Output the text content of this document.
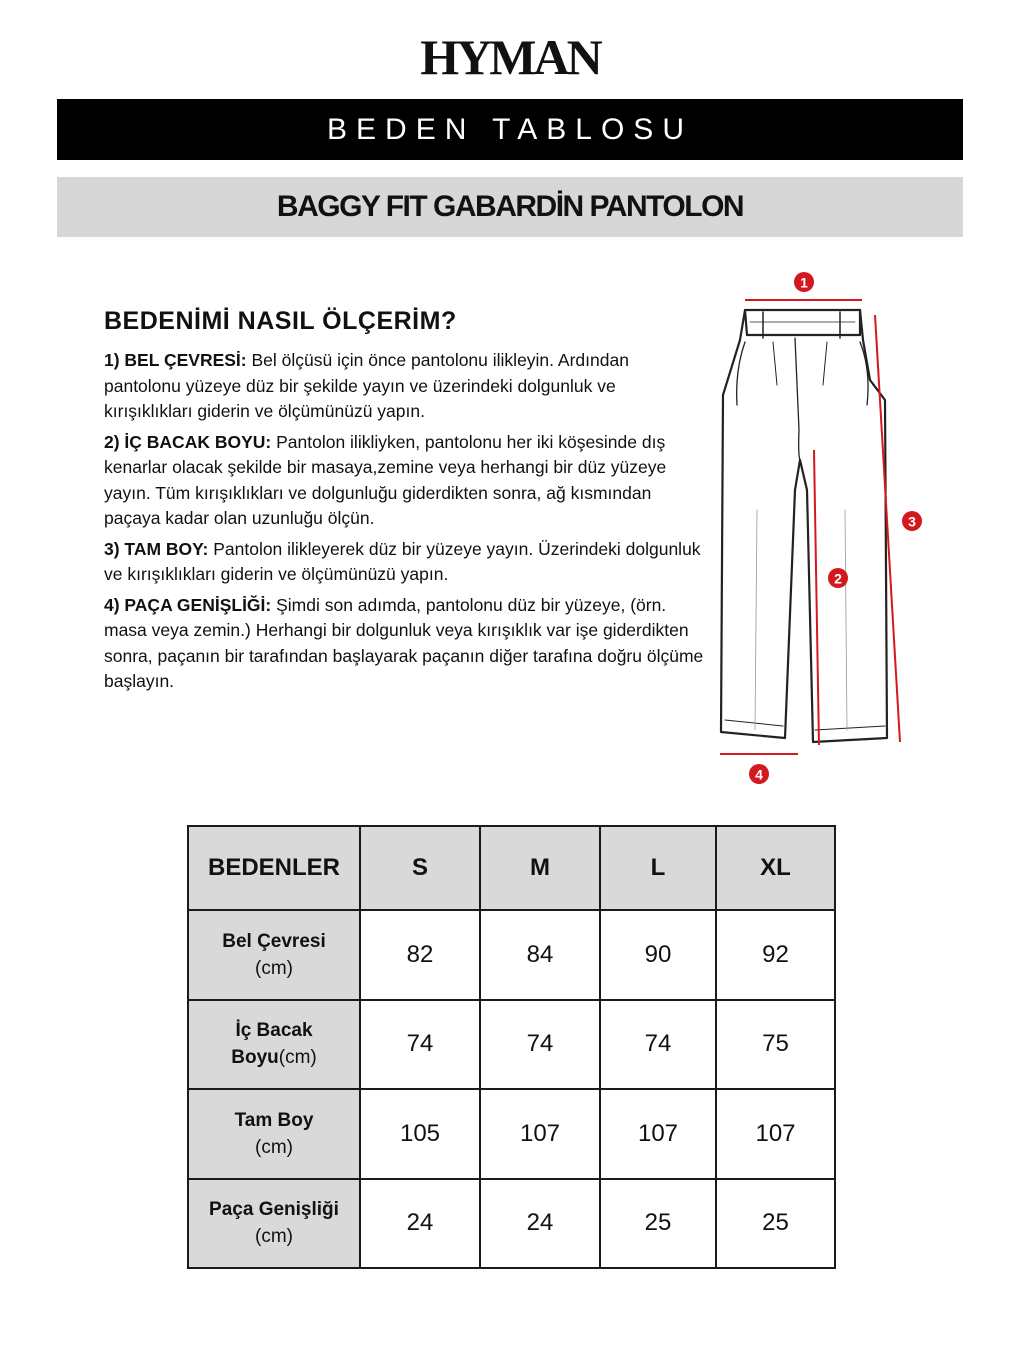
HYMAN
BEDEN TABLOSU
BAGGY FIT GABARDİN PANTOLON
BEDENİMİ NASIL ÖLÇERİM?

1) BEL ÇEVRESİ: Bel ölçüsü için önce pantolonu ilikleyin. Ardından pantolonu yüzeye düz bir şekilde yayın ve üzerindeki dolgunluk ve kırışıklıkları giderin ve ölçümünüzü yapın.

2) İÇ BACAK BOYU: Pantolon ilikliyken, pantolonu her iki köşesinde dış kenarlar olacak şekilde bir masaya,zemine veya herhangi bir düz yüzeye yayın. Tüm kırışıklıkları ve dolgunluğu giderdikten sonra, ağ kısmından paçaya kadar olan uzunluğu ölçün.

3) TAM BOY: Pantolon ilikleyerek düz bir yüzeye yayın. Üzerindeki dolgunluk ve kırışıklıkları giderin ve ölçümünüzü yapın.

4) PAÇA GENİŞLİĞİ: Şimdi son adımda, pantolonu düz bir yüzeye, (örn. masa veya zemin.) Herhangi bir dolgunluk veya kırışıklık var işe giderdikten sonra, paçanın bir tarafından başlayarak paçanın diğer tarafına doğru ölçüme başlayın.

1
2
3
4
BEDENLER	S	M	L	XL
Bel Çevresi
(cm)	82	84	90	92
İç Bacak
Boyu(cm)	74	74	74	75
Tam Boy
(cm)	105	107	107	107
Paça Genişliği
(cm)	24	24	25	25
